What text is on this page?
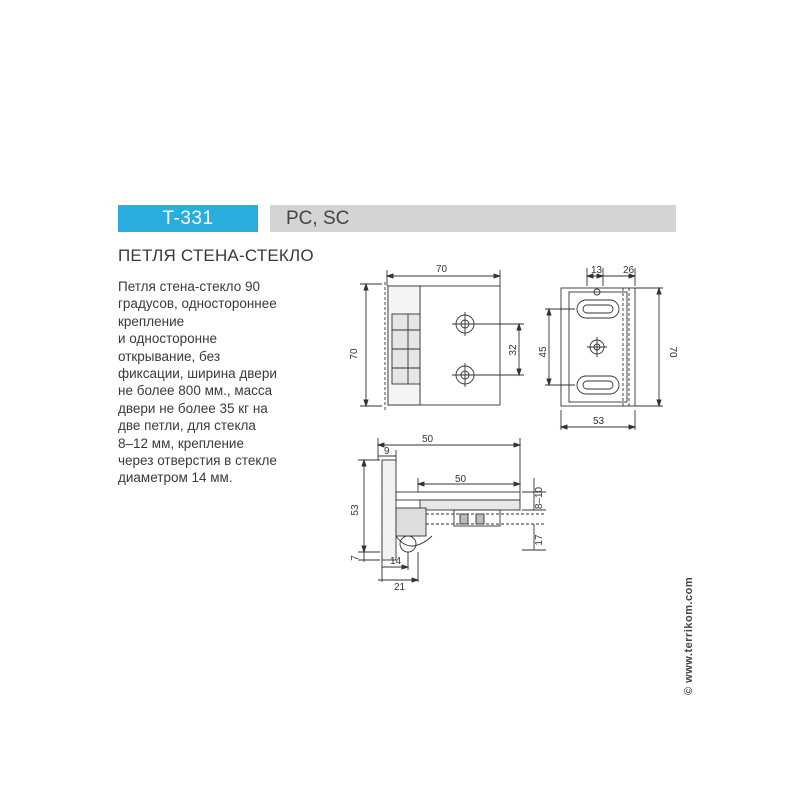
T-331	PC, SC
ПЕТЛЯ СТЕНА-СТЕКЛО
Петля стена-стекло 90
градусов, одностороннее
крепление
и одностороннe
открывание, без
фиксации, ширина двери
не более 800 мм., масса
двери не более 35 кг на
две петли, для стекла
8–12 мм, крепление
через отверстия в стекле
диаметром 14 мм.
70
70	32
13 26
45	70
53
50
50
9
53
8–10
17
7	14
21	© www.terrikom.com
